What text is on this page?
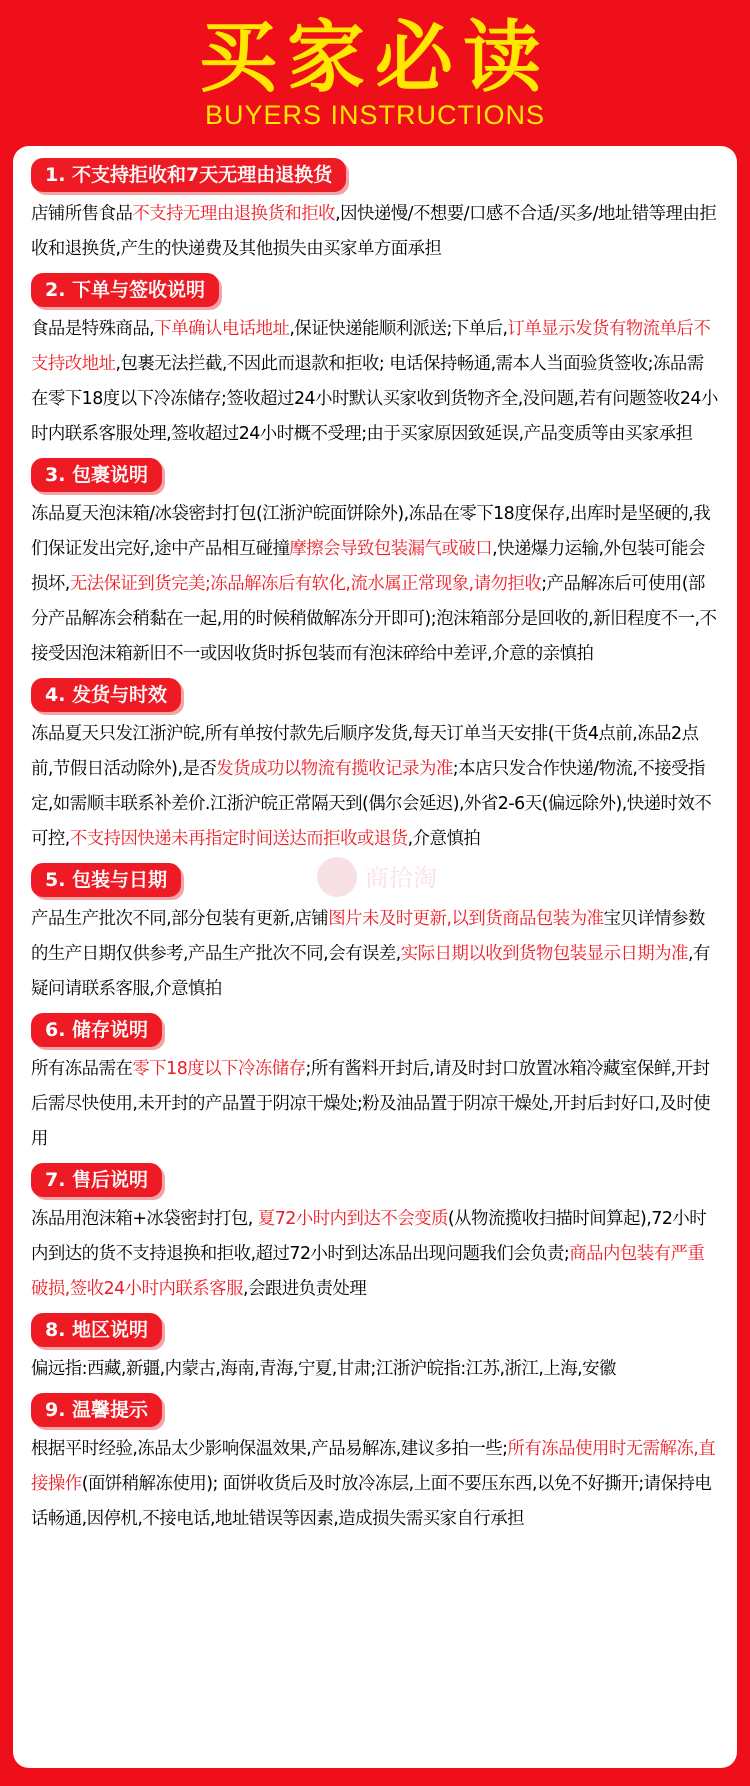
买家必读
BUYERS INSTRUCTIONS
1. 不支持拒收和7天无理由退换货
店铺所售食品不支持无理由退换货和拒收,因快递慢/不想要/口感不合适/买多/地址错等理由拒收和退换货,产生的快递费及其他损失由买家单方面承担
2. 下单与签收说明
食品是特殊商品,下单确认电话地址,保证快递能顺利派送;下单后,订单显示发货有物流单后不支持改地址,包裹无法拦截,不因此而退款和拒收; 电话保持畅通,需本人当面验货签收;冻品需在零下18度以下冷冻储存;签收超过24小时默认买家收到货物齐全,没问题,若有问题签收24小时内联系客服处理,签收超过24小时概不受理;由于买家原因致延误,产品变质等由买家承担
3. 包裹说明
冻品夏天泡沫箱/冰袋密封打包(江浙沪皖面饼除外),冻品在零下18度保存,出库时是坚硬的,我们保证发出完好,途中产品相互碰撞摩擦会导致包装漏气或破口,快递爆力运输,外包装可能会损坏,无法保证到货完美;冻品解冻后有软化,流水属正常现象,请勿拒收;产品解冻后可使用(部分产品解冻会稍黏在一起,用的时候稍做解冻分开即可);泡沫箱部分是回收的,新旧程度不一,不接受因泡沫箱新旧不一或因收货时拆包装而有泡沫碎给中差评,介意的亲慎拍
4. 发货与时效
冻品夏天只发江浙沪皖,所有单按付款先后顺序发货,每天订单当天安排(干货4点前,冻品2点前,节假日活动除外),是否发货成功以物流有揽收记录为准;本店只发合作快递/物流,不接受指定,如需顺丰联系补差价.江浙沪皖正常隔天到(偶尔会延迟),外省2-6天(偏远除外),快递时效不可控,不支持因快递未再指定时间送达而拒收或退货,介意慎拍
5. 包装与日期
产品生产批次不同,部分包装有更新,店铺图片未及时更新,以到货商品包装为准宝贝详情参数的生产日期仅供参考,产品生产批次不同,会有误差,实际日期以收到货物包装显示日期为准,有疑问请联系客服,介意慎拍
6. 储存说明
所有冻品需在零下18度以下冷冻储存;所有酱料开封后,请及时封口放置冰箱冷藏室保鲜,开封后需尽快使用,未开封的产品置于阴凉干燥处;粉及油品置于阴凉干燥处,开封后封好口,及时使用
7. 售后说明
冻品用泡沫箱+冰袋密封打包, 夏72小时内到达不会变质(从物流揽收扫描时间算起),72小时内到达的货不支持退换和拒收,超过72小时到达冻品出现问题我们会负责;商品内包装有严重破损,签收24小时内联系客服,会跟进负责处理
8. 地区说明
偏远指:西藏,新疆,内蒙古,海南,青海,宁夏,甘肃;江浙沪皖指:江苏,浙江,上海,安徽
9. 温馨提示
根据平时经验,冻品太少影响保温效果,产品易解冻,建议多拍一些;所有冻品使用时无需解冻,直接操作(面饼稍解冻使用); 面饼收货后及时放冷冻层,上面不要压东西,以免不好撕开;请保持电话畅通,因停机,不接电话,地址错误等因素,造成损失需买家自行承担
商拾淘
